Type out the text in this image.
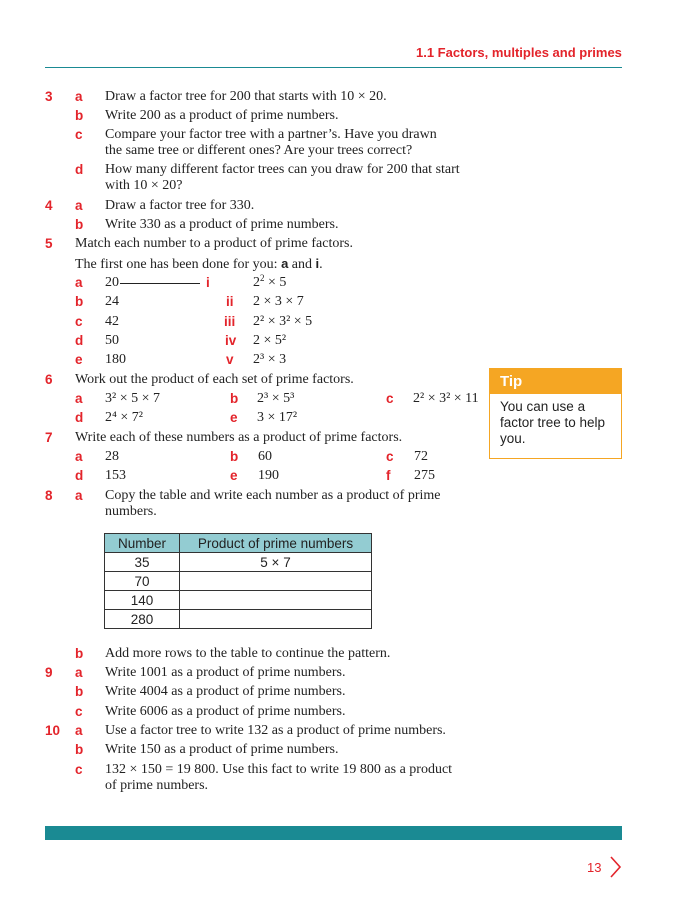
1.1 Factors, multiples and primes
3 a Draw a factor tree for 200 that starts with 10 × 20.
b Write 200 as a product of prime numbers.
c Compare your factor tree with a partner’s. Have you drawn
the same tree or different ones? Are your trees correct?
d How many different factor trees can you draw for 200 that start
with 10 × 20?
4 a Draw a factor tree for 330.
b Write 330 as a product of prime numbers.
5 Match each number to a product of prime factors.
The first one has been done for you: a and i.
a 20	i	$2^2 \times 5$
b 24	ii 2 × 3 × 7
c 42	iii 2² × 3² × 5
d 50	iv 2 × 5²
e 180	v 2³ × 3
6 Work out the product of each set of prime factors.
a 3² × 5 × 7	b 2³ × 5³	c 2² × 3² × 11
d 2⁴ × 7²	e 3 × 17²
7 Write each of these numbers as a product of prime factors.
a 28	b 60	c 72
d 153	e 190	f 275
Tip
You can use a factor tree to help you.
8 a Copy the table and write each number as a product of prime
numbers.
Number	Product of prime numbers
35	5 × 7
70	
140	
280	
b Add more rows to the table to continue the pattern.
9 a Write 1001 as a product of prime numbers.
b Write 4004 as a product of prime numbers.
c Write 6006 as a product of prime numbers.
10 a Use a factor tree to write 132 as a product of prime numbers.
b Write 150 as a product of prime numbers.
c 132 × 150 = 19 800. Use this fact to write 19 800 as a product
of prime numbers.
13
